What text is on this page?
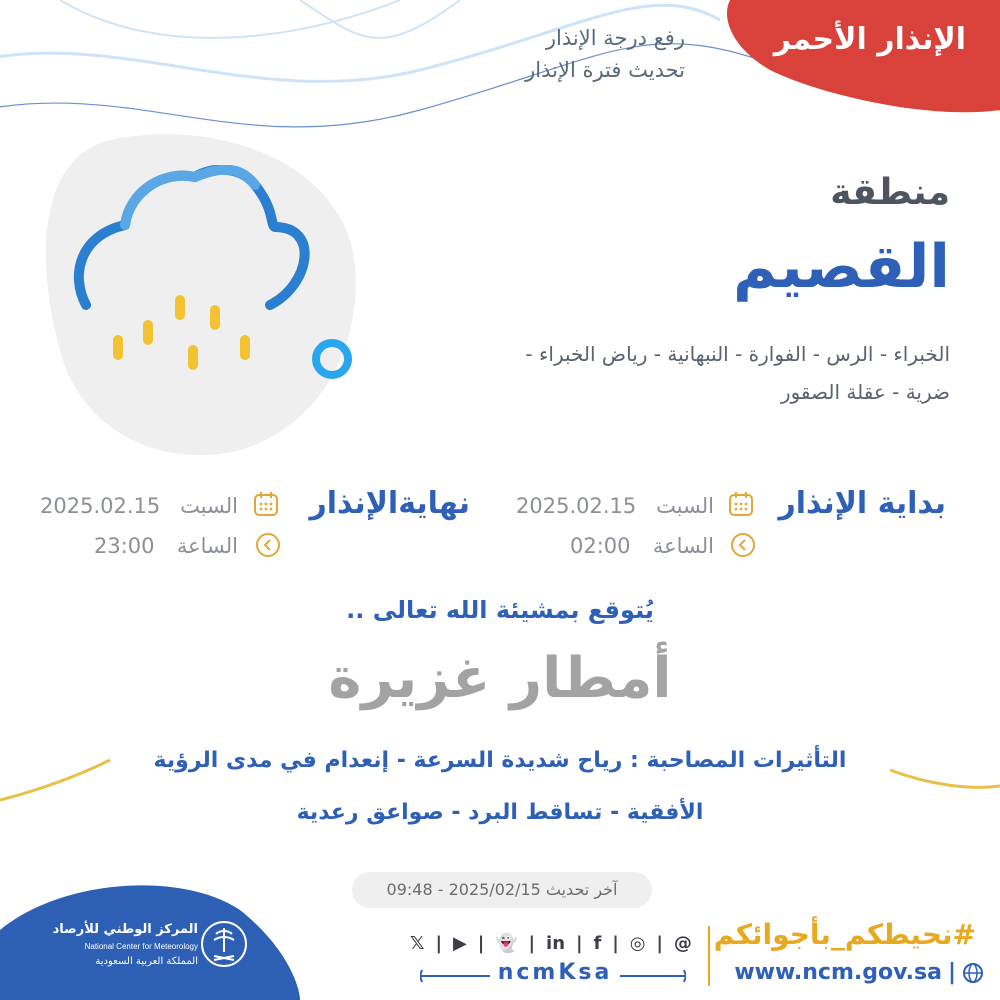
الإنذار الأحمر
رفع درجة الإنذار
تحديث فترة الإنذار
منطقة
القصيم
الخبراء - الرس - الفوارة - النبهانية - رياض الخبراء -
ضرية - عقلة الصقور
بداية الإنذار
السبت
2025.02.15
الساعة
02:00
نهايةالإنذار
السبت
2025.02.15
الساعة
23:00
يُتوقع بمشيئة الله تعالى ..
أمطار غزيرة
التأثيرات المصاحبة : رياح شديدة السرعة - إنعدام في مدى الرؤية
الأفقية - تساقط البرد - صواعق رعدية
آخر تحديث 2025/02/15 - 09:48
المركز الوطني للأرصاد
National Center for Meteorology
المملكة العربية السعودية
𝕏 | ▶ | 👻 | in | f | ◎ | @
ncmKsa
#نحيطكم_بأجوائكم
www.ncm.gov.sa |
